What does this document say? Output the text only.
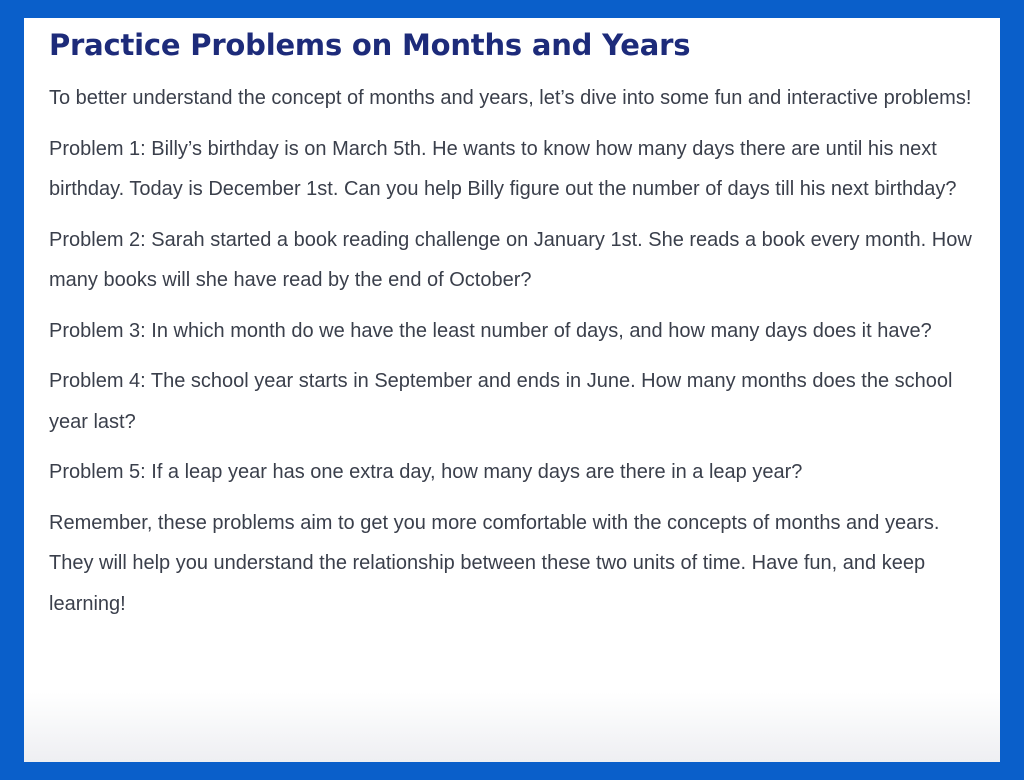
Practice Problems on Months and Years

To better understand the concept of months and years, let’s dive into some fun and interactive problems!

Problem 1: Billy’s birthday is on March 5th. He wants to know how many days there are until his next birthday. Today is December 1st. Can you help Billy figure out the number of days till his next birthday?

Problem 2: Sarah started a book reading challenge on January 1st. She reads a book every month. How many books will she have read by the end of October?

Problem 3: In which month do we have the least number of days, and how many days does it have?

Problem 4: The school year starts in September and ends in June. How many months does the school year last?

Problem 5: If a leap year has one extra day, how many days are there in a leap year?

Remember, these problems aim to get you more comfortable with the concepts of months and years. They will help you understand the relationship between these two units of time. Have fun, and keep learning!
